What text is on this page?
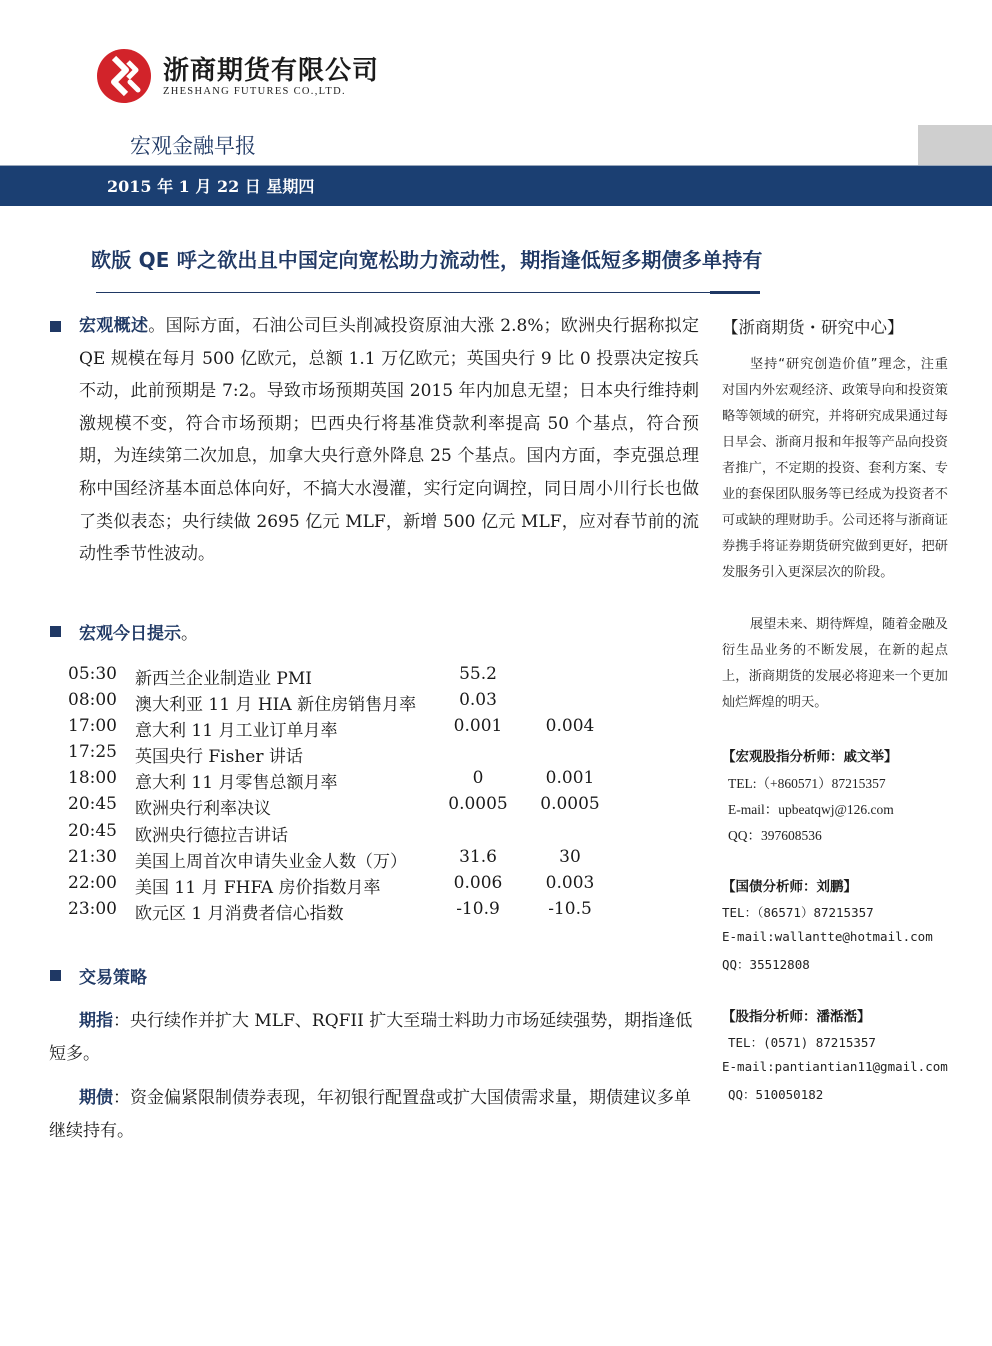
浙商期货有限公司
ZHESHANG FUTURES CO.,LTD.
宏观金融早报
2015 年 1 月 22 日 星期四
欧版 QE 呼之欲出且中国定向宽松助力流动性，期指逢低短多期债多单持有
宏观概述。国际方面，石油公司巨头削减投资原油大涨 2.8%；欧洲央行据称拟定 QE 规模在每月 500 亿欧元，总额 1.1 万亿欧元；英国央行 9 比 0 投票决定按兵不动，此前预期是 7:2。导致市场预期英国 2015 年内加息无望；日本央行维持刺激规模不变，符合市场预期；巴西央行将基准贷款利率提高 50 个基点，符合预期，为连续第二次加息，加拿大央行意外降息 25 个基点。国内方面，李克强总理称中国经济基本面总体向好，不搞大水漫灌，实行定向调控，同日周小川行长也做了类似表态；央行续做 2695 亿元 MLF，新增 500 亿元 MLF，应对春节前的流动性季节性波动。
宏观今日提示。
05:30 新西兰企业制造业 PMI	55.2
08:00 澳大利亚 11 月 HIA 新住房销售月率	0.03
17:00 意大利 11 月工业订单月率	0.001	0.004
17:25 英国央行 Fisher 讲话
18:00 意大利 11 月零售总额月率	0	0.001
20:45 欧洲央行利率决议	0.0005	0.0005
20:45 欧洲央行德拉吉讲话
21:30 美国上周首次申请失业金人数（万）	31.6	30
22:00 美国 11 月 FHFA 房价指数月率	0.006	0.003
23:00 欧元区 1 月消费者信心指数	-10.9	-10.5
交易策略
期指：央行续作并扩大 MLF、RQFII 扩大至瑞士料助力市场延续强势，期指逢低短多。
期债：资金偏紧限制债券表现，年初银行配置盘或扩大国债需求量，期债建议多单继续持有。
【浙商期货・研究中心】
坚持“研究创造价值”理念，注重对国内外宏观经济、政策导向和投资策略等领域的研究，并将研究成果通过每日早会、浙商月报和年报等产品向投资者推广，不定期的投资、套利方案、专业的套保团队服务等已经成为投资者不可或缺的理财助手。公司还将与浙商证券携手将证券期货研究做到更好，把研发服务引入更深层次的阶段。
展望未来、期待辉煌，随着金融及衍生品业务的不断发展，在新的起点上，浙商期货的发展必将迎来一个更加灿烂辉煌的明天。
【宏观股指分析师：戚文举】
TEL:（+860571）87215357
E-mail：upbeatqwj@126.com
QQ：397608536
【国债分析师：刘鹏】
TEL：（86571）87215357
E-mail:wallantte@hotmail.com
QQ：35512808
【股指分析师：潘湉湉】
TEL：(0571) 87215357
E-mail:pantiantian11@gmail.com
QQ：510050182
